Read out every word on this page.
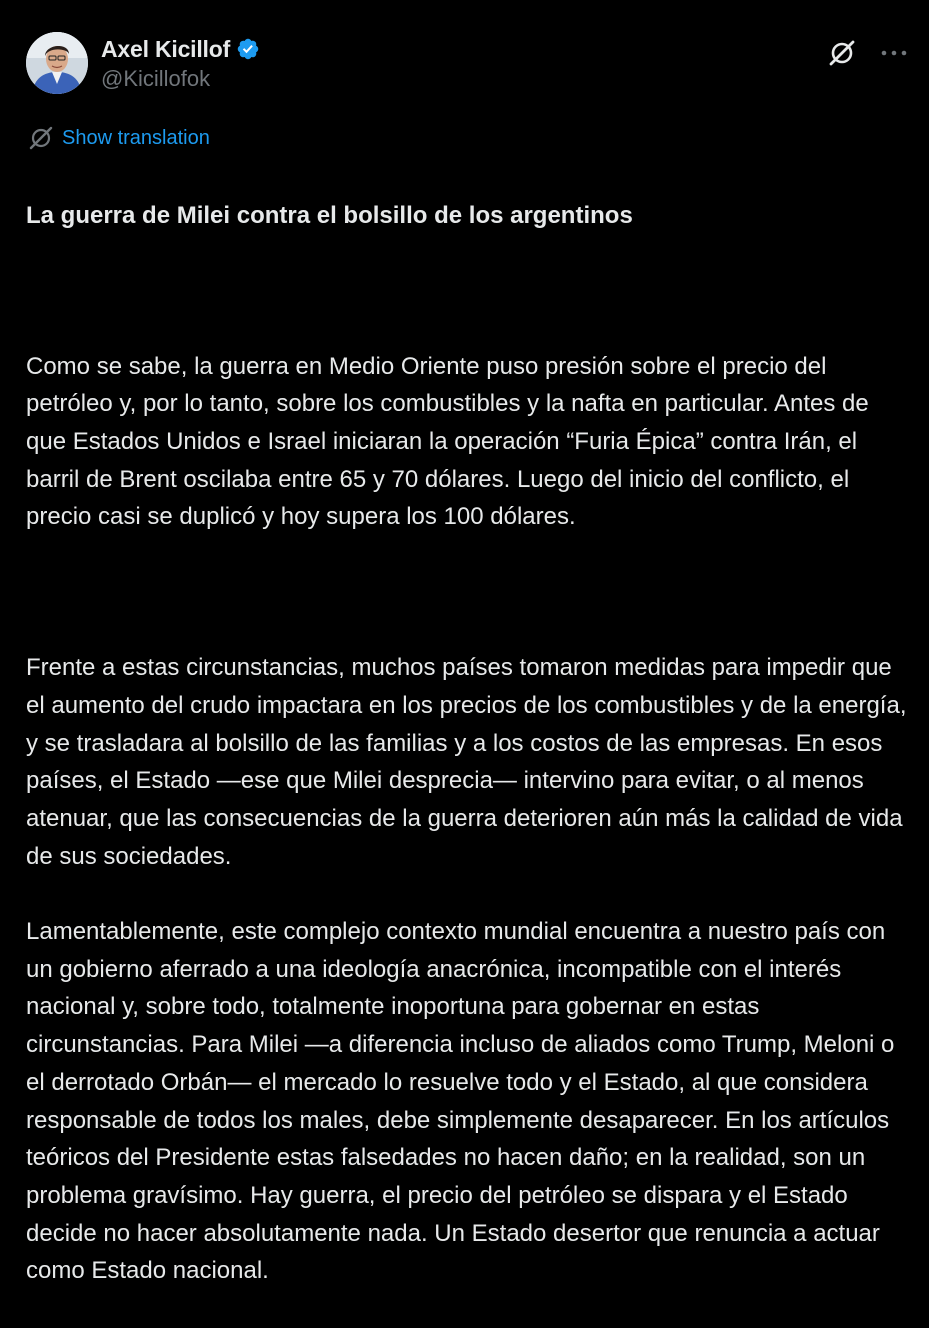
Axel Kicillof
@Kicillofok
Show translation

La guerra de Milei contra el bolsillo de los argentinos

Como se sabe, la guerra en Medio Oriente puso presión sobre el precio del petróleo y, por lo tanto, sobre los combustibles y la nafta en particular. Antes de que Estados Unidos e Israel iniciaran la operación “Furia Épica” contra Irán, el barril de Brent oscilaba entre 65 y 70 dólares. Luego del inicio del conflicto, el precio casi se duplicó y hoy supera los 100 dólares.

Frente a estas circunstancias, muchos países tomaron medidas para impedir que el aumento del crudo impactara en los precios de los combustibles y de la energía, y se trasladara al bolsillo de las familias y a los costos de las empresas. En esos países, el Estado —ese que Milei desprecia— intervino para evitar, o al menos atenuar, que las consecuencias de la guerra deterioren aún más la calidad de vida de sus sociedades.

Lamentablemente, este complejo contexto mundial encuentra a nuestro país con un gobierno aferrado a una ideología anacrónica, incompatible con el interés nacional y, sobre todo, totalmente inoportuna para gobernar en estas circunstancias. Para Milei —a diferencia incluso de aliados como Trump, Meloni o el derrotado Orbán— el mercado lo resuelve todo y el Estado, al que considera responsable de todos los males, debe simplemente desaparecer. En los artículos teóricos del Presidente estas falsedades no hacen daño; en la realidad, son un problema gravísimo. Hay guerra, el precio del petróleo se dispara y el Estado decide no hacer absolutamente nada. Un Estado desertor que renuncia a actuar como Estado nacional.
